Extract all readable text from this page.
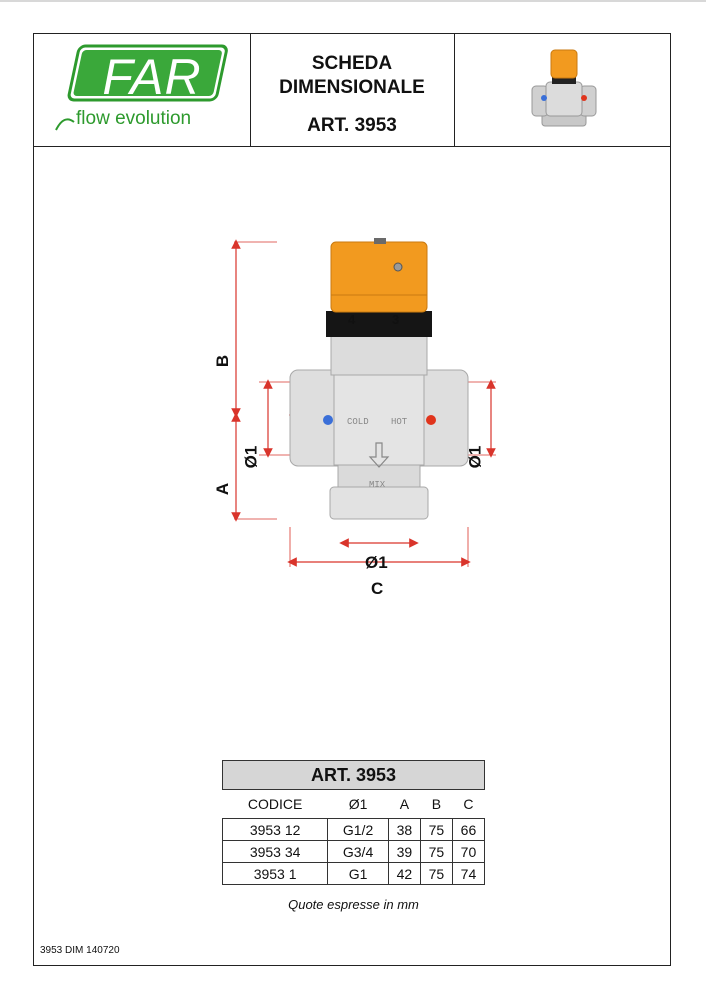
FAR
flow evolution
SCHEDA
DIMENSIONALE
ART. 3953
4	3
COLD HOT
MIX
B
A
Ø1	Ø1
Ø1
C
ART. 3953
CODICE	Ø1	A	B	C
3953 12	G1/2	38	75	66
3953 34	G3/4	39	75	70
3953 1	G1	42	75	74
Quote espresse in mm
3953 DIM 140720
